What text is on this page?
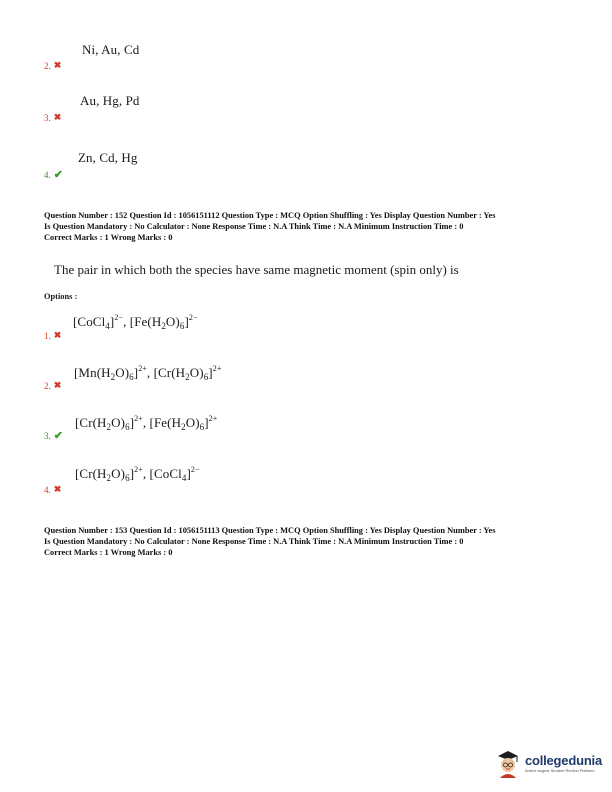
Ni, Au, Cd
2. ✖
Au, Hg, Pd
3. ✖
Zn, Cd, Hg
4. ✔
Question Number : 152 Question Id : 1056151112 Question Type : MCQ Option Shuffling : Yes Display Question Number : Yes
Is Question Mandatory : No Calculator : None Response Time : N.A Think Time : N.A Minimum Instruction Time : 0
Correct Marks : 1 Wrong Marks : 0
The pair in which both the species have same magnetic moment (spin only) is
Options :
[CoCl$_4$]$^{2-}$, $[Fe(H_2O)_6]^{2-}$
1. ✖
$[Mn(H_2O)_6]^{2+}$, $[Cr(H_2O)_6]^{2+}$
2. ✖
$[Cr(H_2O)_6]^{2+}$, $[Fe(H_2O)_6]^{2+}$
3. ✔
$[Cr(H_2O)_6]^{2+}$, [CoCl$_4$]$^{2-}$
4. ✖
Question Number : 153 Question Id : 1056151113 Question Type : MCQ Option Shuffling : Yes Display Question Number : Yes
Is Question Mandatory : No Calculator : None Response Time : N.A Think Time : N.A Minimum Instruction Time : 0
Correct Marks : 1 Wrong Marks : 0
collegedunia
India's largest Student Review Platform
